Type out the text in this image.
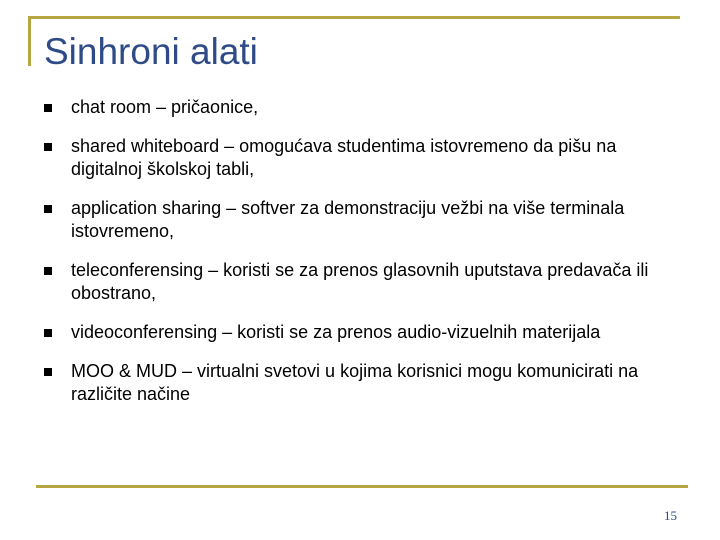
Sinhroni alati
chat room – pričaonice,
shared whiteboard – omogućava studentima istovremeno da pišu na digitalnoj školskoj tabli,
application sharing – softver za demonstraciju vežbi na više terminala istovremeno,
teleconferensing – koristi se za prenos glasovnih uputstava predavača ili obostrano,
videoconferensing – koristi se za prenos audio-vizuelnih materijala
MOO & MUD – virtualni svetovi u kojima korisnici mogu komunicirati na različite načine
15
